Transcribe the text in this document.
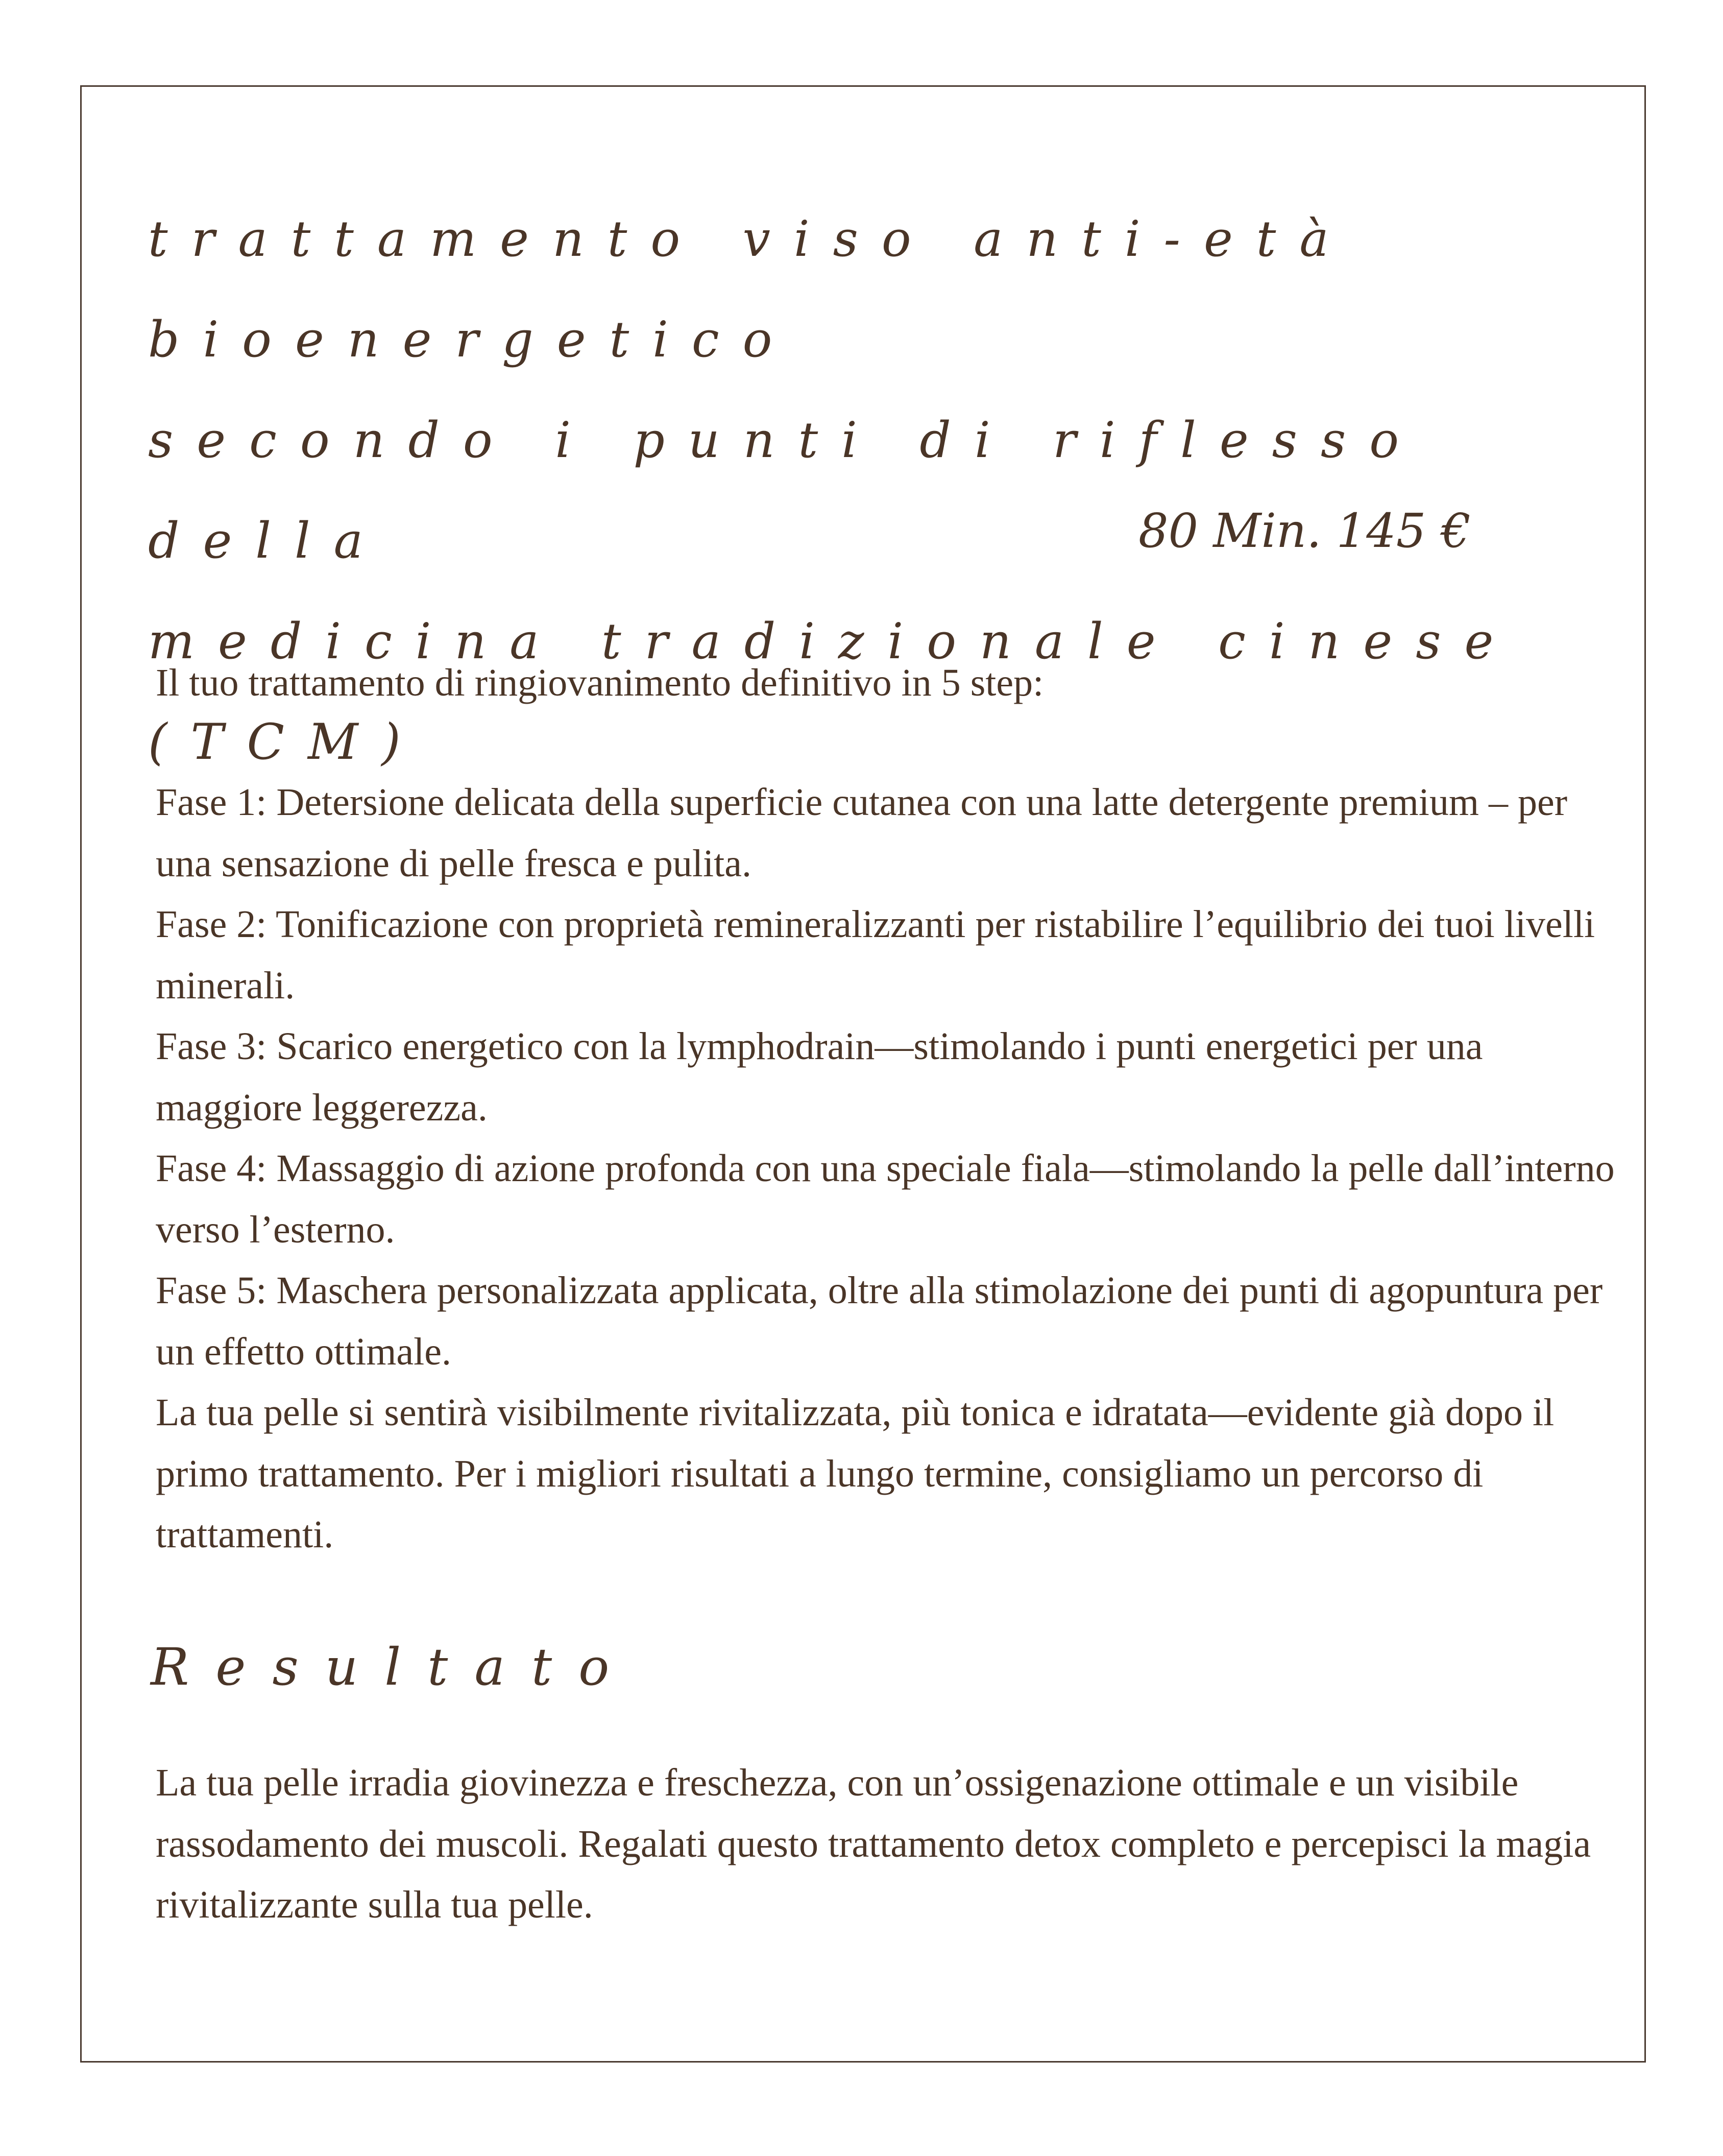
trattamento viso anti-età bioenergetico
secondo i punti di riflesso della
medicina tradizionale cinese (TCM)
80 Min. 145 €

Il tuo trattamento di ringiovanimento definitivo in 5 step:

Fase 1: Detersione delicata della superficie cutanea con una latte detergente premium – per una sensazione di pelle fresca e pulita.
Fase 2: Tonificazione con proprietà remineralizzanti per ristabilire l’equilibrio dei tuoi livelli minerali.
Fase 3: Scarico energetico con la lymphodrain—stimolando i punti energetici per una maggiore leggerezza.
Fase 4: Massaggio di azione profonda con una speciale fiala—stimolando la pelle dall’interno verso l’esterno.
Fase 5: Maschera personalizzata applicata, oltre alla stimolazione dei punti di agopuntura per un effetto ottimale.

La tua pelle si sentirà visibilmente rivitalizzata, più tonica e idratata—evidente già dopo il primo trattamento. Per i migliori risultati a lungo termine, consigliamo un percorso di trattamenti.

Resultato

La tua pelle irradia giovinezza e freschezza, con un’ossigenazione ottimale e un visibile rassodamento dei muscoli. Regalati questo trattamento detox completo e percepisci la magia rivitalizzante sulla tua pelle.
